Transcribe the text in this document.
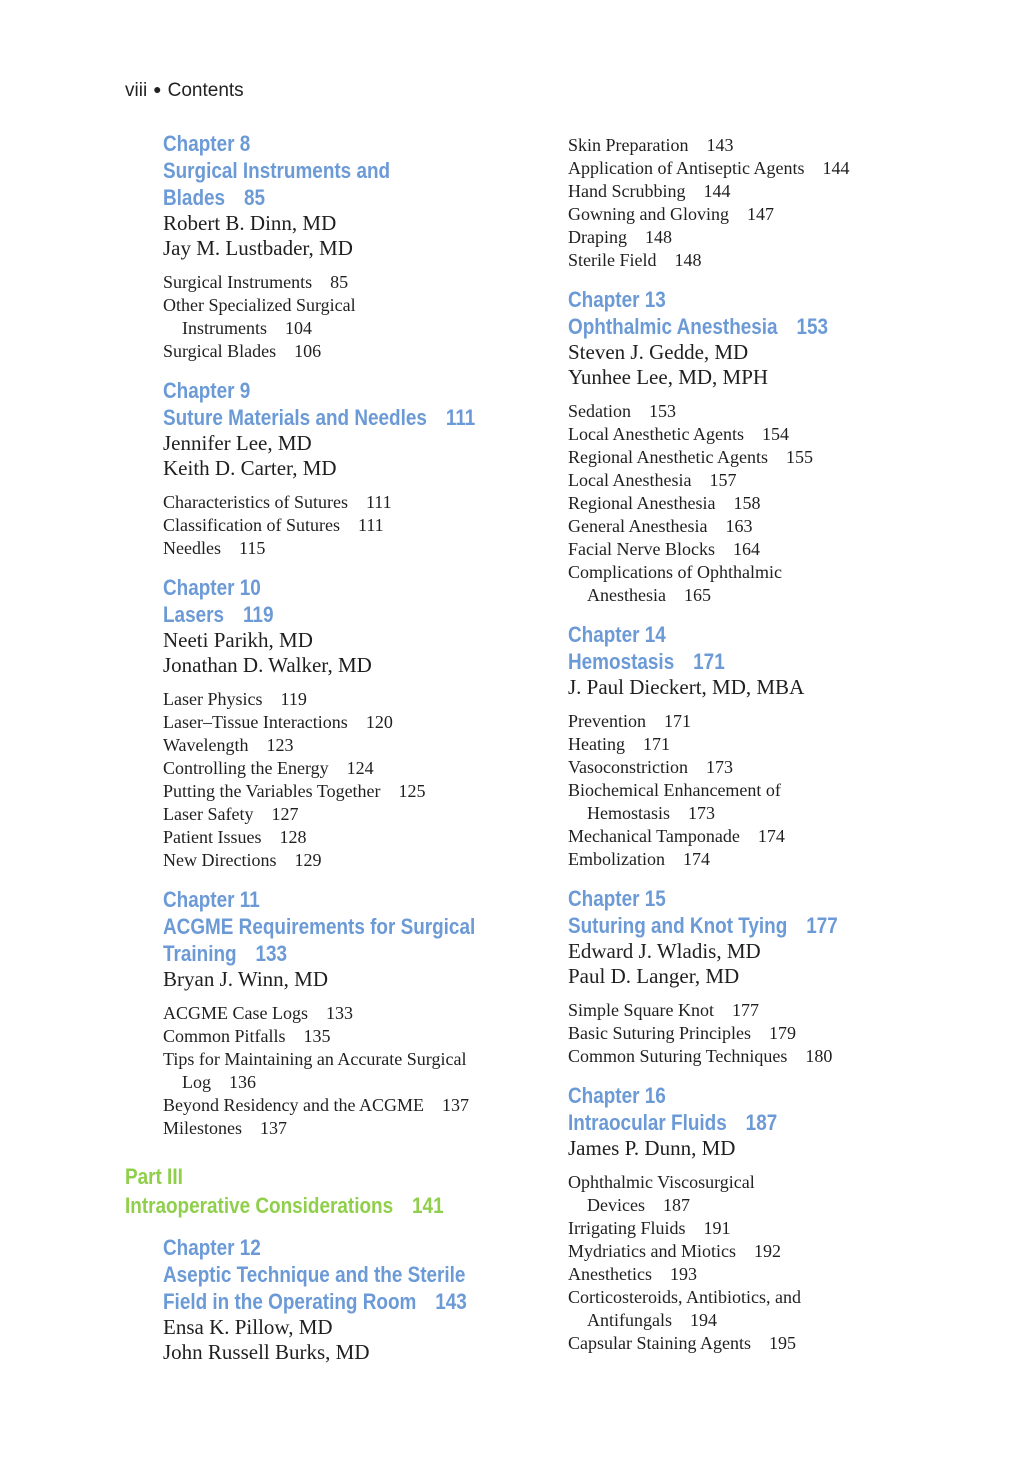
viii ● Contents
Chapter 8
Surgical Instruments and
Blades 85
Robert B. Dinn, MD
Jay M. Lustbader, MD
Surgical Instruments 85
Other Specialized Surgical
Instruments 104
Surgical Blades 106
Chapter 9
Suture Materials and Needles 111
Jennifer Lee, MD
Keith D. Carter, MD
Characteristics of Sutures 111
Classification of Sutures 111
Needles 115
Chapter 10
Lasers 119
Neeti Parikh, MD
Jonathan D. Walker, MD
Laser Physics 119
Laser–Tissue Interactions 120
Wavelength 123
Controlling the Energy 124
Putting the Variables Together 125
Laser Safety 127
Patient Issues 128
New Directions 129
Chapter 11
ACGME Requirements for Surgical
Training 133
Bryan J. Winn, MD
ACGME Case Logs 133
Common Pitfalls 135
Tips for Maintaining an Accurate Surgical
Log 136
Beyond Residency and the ACGME 137
Milestones 137
Part III
Intraoperative Considerations 141
Chapter 12
Aseptic Technique and the Sterile
Field in the Operating Room 143
Ensa K. Pillow, MD
John Russell Burks, MD
Skin Preparation 143
Application of Antiseptic Agents 144
Hand Scrubbing 144
Gowning and Gloving 147
Draping 148
Sterile Field 148
Chapter 13
Ophthalmic Anesthesia 153
Steven J. Gedde, MD
Yunhee Lee, MD, MPH
Sedation 153
Local Anesthetic Agents 154
Regional Anesthetic Agents 155
Local Anesthesia 157
Regional Anesthesia 158
General Anesthesia 163
Facial Nerve Blocks 164
Complications of Ophthalmic
Anesthesia 165
Chapter 14
Hemostasis 171
J. Paul Dieckert, MD, MBA
Prevention 171
Heating 171
Vasoconstriction 173
Biochemical Enhancement of
Hemostasis 173
Mechanical Tamponade 174
Embolization 174
Chapter 15
Suturing and Knot Tying 177
Edward J. Wladis, MD
Paul D. Langer, MD
Simple Square Knot 177
Basic Suturing Principles 179
Common Suturing Techniques 180
Chapter 16
Intraocular Fluids 187
James P. Dunn, MD
Ophthalmic Viscosurgical
Devices 187
Irrigating Fluids 191
Mydriatics and Miotics 192
Anesthetics 193
Corticosteroids, Antibiotics, and
Antifungals 194
Capsular Staining Agents 195
